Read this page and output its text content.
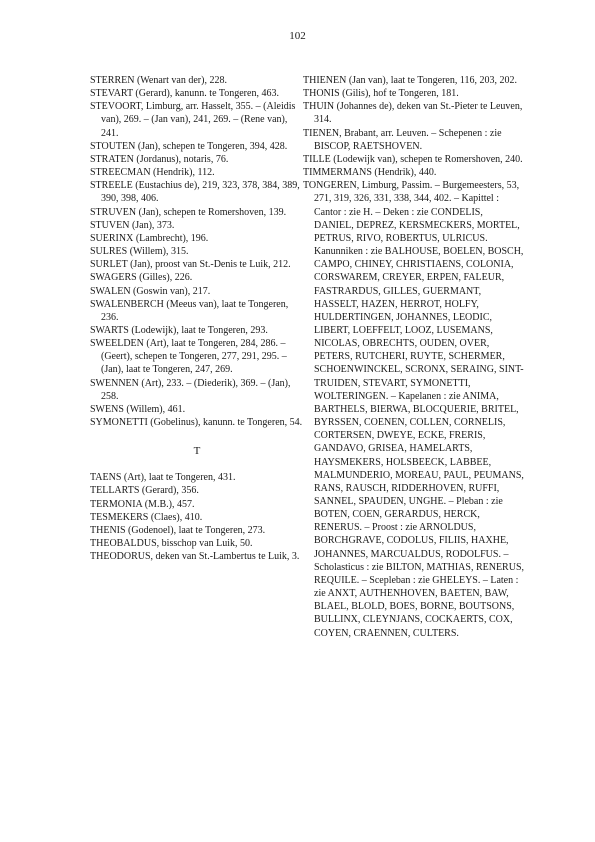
102
STERREN (Wenart van der), 228.
STEVART (Gerard), kanunn. te Tongeren, 463.
STEVOORT, Limburg, arr. Hasselt, 355. – (Aleidis van), 269. – (Jan van), 241, 269. – (Rene van), 241.
STOUTEN (Jan), schepen te Tongeren, 394, 428.
STRATEN (Jordanus), notaris, 76.
STREECMAN (Hendrik), 112.
STREELE (Eustachius de), 219, 323, 378, 384, 389, 390, 398, 406.
STRUVEN (Jan), schepen te Romershoven, 139.
STUVEN (Jan), 373.
SUERINX (Lambrecht), 196.
SULRES (Willem), 315.
SURLET (Jan), proost van St.-Denis te Luik, 212.
SWAGERS (Gilles), 226.
SWALEN (Goswin van), 217.
SWALENBERCH (Meeus van), laat te Tongeren, 236.
SWARTS (Lodewijk), laat te Tongeren, 293.
SWEELDEN (Art), laat te Tongeren, 284, 286. – (Geert), schepen te Tongeren, 277, 291, 295. – (Jan), laat te Tongeren, 247, 269.
SWENNEN (Art), 233. – (Diederik), 369. – (Jan), 258.
SWENS (Willem), 461.
SYMONETTI (Gobelinus), kanunn. te Tongeren, 54.
T
TAENS (Art), laat te Tongeren, 431.
TELLARTS (Gerard), 356.
TERMONIA (M.B.), 457.
TESMEKERS (Claes), 410.
THENIS (Godenoel), laat te Tongeren, 273.
THEOBALDUS, bisschop van Luik, 50.
THEODORUS, deken van St.-Lambertus te Luik, 3.
THIENEN (Jan van), laat te Tongeren, 116, 203, 202.
THONIS (Gilis), hof te Tongeren, 181.
THUIN (Johannes de), deken van St.-Pieter te Leuven, 314.
TIENEN, Brabant, arr. Leuven. – Schepenen : zie BISCOP, RAETSHOVEN.
TILLE (Lodewijk van), schepen te Romershoven, 240.
TIMMERMANS (Hendrik), 440.
TONGEREN, Limburg, Passim. – Burgemeesters, 53, 271, 319, 326, 331, 338, 344, 402. – Kapittel : Cantor : zie H. – Deken : zie CONDELIS, DANIEL, DEPREZ, KERSMECKERS, MORTEL, PETRUS, RIVO, ROBERTUS, ULRICUS. Kanunniken : zie BALHOUSE, BOELEN, BOSCH, CAMPO, CHINEY, CHRISTIAENS, COLONIA, CORSWAREM, CREYER, ERPEN, FALEUR, FASTRARDUS, GILLES, GUERMANT, HASSELT, HAZEN, HERROT, HOLFY, HULDERTINGEN, JOHANNES, LEODIC, LIBERT, LOEFFELT, LOOZ, LUSEMANS, NICOLAS, OBRECHTS, OUDEN, OVER, PETERS, RUTCHERI, RUYTE, SCHERMER, SCHOENWINCKEL, SCRONX, SERAING, SINT-TRUIDEN, STEVART, SYMONETTI, WOLTERINGEN. – Kapelanen : zie ANIMA, BARTHELS, BIERWA, BLOCQUERIE, BRITEL, BYRSSEN, COENEN, COLLEN, CORNELIS, CORTERSEN, DWEYE, ECKE, FRERIS, GANDAVO, GRISEA, HAMELARTS, HAYSMEKERS, HOLSBEECK, LABBEE, MALMUNDERIO, MOREAU, PAUL, PEUMANS, RANS, RAUSCH, RIDDERHOVEN, RUFFI, SANNEL, SPAUDEN, UNGHE. – Pleban : zie BOTEN, COEN, GERARDUS, HERCK, RENERUS. – Proost : zie ARNOLDUS, BORCHGRAVE, CODOLUS, FILIIS, HAXHE, JOHANNES, MARCUALDUS, RODOLFUS. – Scholasticus : zie BILTON, MATHIAS, RENERUS, REQUILE. – Scepleban : zie GHELEYS. – Laten : zie ANXT, AUTHENHOVEN, BAETEN, BAW, BLAEL, BLOLD, BOES, BORNE, BOUTSONS, BULLINX, CLEYNJANS, COCKAERTS, COX, COYEN, CRAENNEN, CULTERS.
